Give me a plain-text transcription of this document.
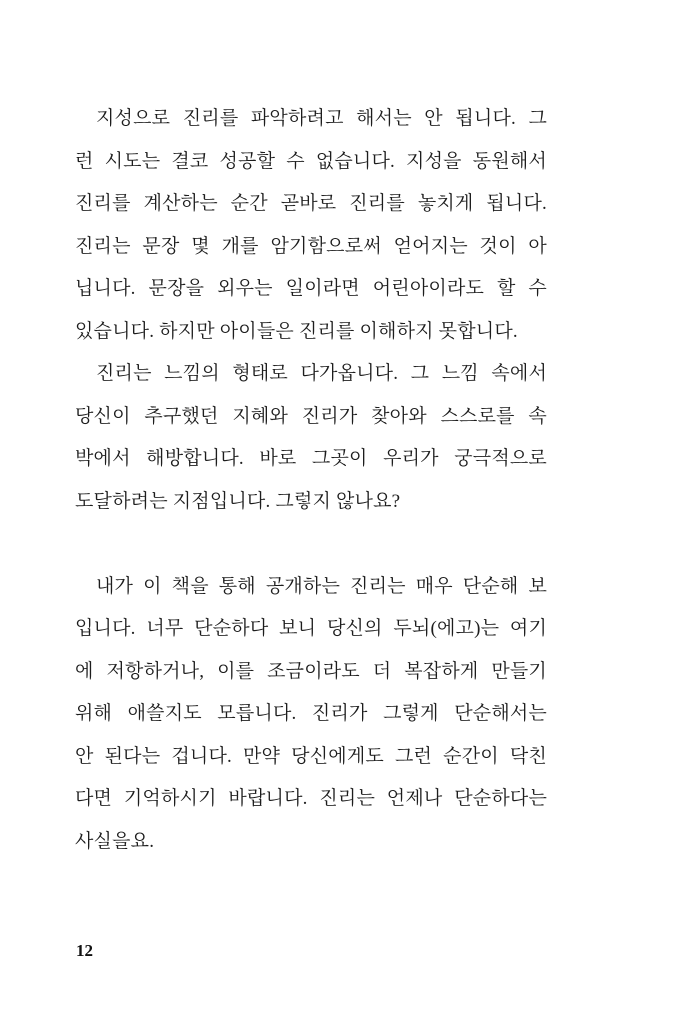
지성으로 진리를 파악하려고 해서는 안 됩니다. 그
런 시도는 결코 성공할 수 없습니다. 지성을 동원해서
진리를 계산하는 순간 곧바로 진리를 놓치게 됩니다.
진리는 문장 몇 개를 암기함으로써 얻어지는 것이 아
닙니다. 문장을 외우는 일이라면 어린아이라도 할 수
있습니다. 하지만 아이들은 진리를 이해하지 못합니다.
진리는 느낌의 형태로 다가옵니다. 그 느낌 속에서
당신이 추구했던 지혜와 진리가 찾아와 스스로를 속
박에서 해방합니다. 바로 그곳이 우리가 궁극적으로
도달하려는 지점입니다. 그렇지 않나요?
내가 이 책을 통해 공개하는 진리는 매우 단순해 보
입니다. 너무 단순하다 보니 당신의 두뇌(에고)는 여기
에 저항하거나, 이를 조금이라도 더 복잡하게 만들기
위해 애쓸지도 모릅니다. 진리가 그렇게 단순해서는
안 된다는 겁니다. 만약 당신에게도 그런 순간이 닥친
다면 기억하시기 바랍니다. 진리는 언제나 단순하다는
사실을요.
12
